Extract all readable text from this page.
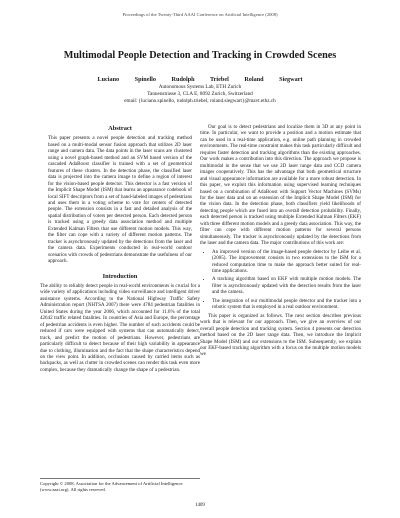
Proceedings of the Twenty-Third AAAI Conference on Artificial Intelligence (2008)
Multimodal People Detection and Tracking in Crowded Scenes
Luciano Spinello Rudolph Triebel Roland Siegwart
Autonomous Systems Lab, ETH Zurich
Tannenstrasse 3, CLA E, 8092 Zurich, Switzerland
email: {luciano.spinello, rudolph.triebel, roland.siegwart}@mavt.ethz.ch
Abstract

This paper presents a novel people detection and tracking method based on a multi-modal sensor fusion approach that utilizes 2D laser range and camera data. The data points in the laser scans are clustered using a novel graph-based method and an SVM based version of the cascaded AdaBoost classifier is trained with a set of geometrical features of these clusters. In the detection phase, the classified laser data is projected into the camera image to define a region of interest for the vision-based people detector. This detector is a fast version of the Implicit Shape Model (ISM) that learns an appearance codebook of local SIFT descriptors from a set of hand-labeled images of pedestrians and uses them in a voting scheme to vote for centers of detected people. The extension consists in a fast and detailed analysis of the spatial distribution of voters per detected person. Each detected person is tracked using a greedy data association method and multiple Extended Kalman Filters that use different motion models. This way, the filter can cope with a variety of different motion patterns. The tracker is asynchronously updated by the detections from the laser and the camera data. Experiments conducted in real-world outdoor scenarios with crowds of pedestrians demonstrate the usefulness of our approach.

Introduction

The ability to reliably detect people in real-world environments is crucial for a wide variety of applications including video surveillance and intelligent driver assistance systems. According to the National Highway Traffic Safety Administration report (NHTSA 2007) there were 4784 pedestrian fatalities in United States during the year 2006, which accounted for 11.6% of the total 42642 traffic related fatalities. In countries of Asia and Europe, the percentage of pedestrian accidents is even higher. The number of such accidents could be reduced if cars were equipped with systems that can automatically detect, track, and predict the motion of pedestrians. However, pedestrians are particularly difficult to detect because of their high variability in appearance due to clothing, illumination and the fact that the shape characteristics depend on the view point. In addition, occlusions caused by carried items such as backpacks, as well as clutter in crowded scenes can render this task even more complex, because they dramatically change the shape of a pedestrian.

Our goal is to detect pedestrians and localize them in 3D at any point in time. In particular, we want to provide a position and a motion estimate that can be used in a real-time application, e.g. online path planning in crowded environments. The real-time constraint makes this task particularly difficult and requires faster detection and tracking algorithms than the existing approaches. Our work makes a contribution into this direction. The approach we propose is multimodal in the sense that we use 2D laser range data and CCD camera images cooperatively. This has the advantage that both geometrical structure and visual appearance information are available for a more robust detection. In this paper, we exploit this information using supervised learning techniques based on a combination of AdaBoost with Support Vector Machines (SVMs) for the laser data and on an extension of the Implicit Shape Model (ISM) for the vision data. In the detection phase, both classifiers yield likelihoods of detecting people which are fused into an overall detection probability. Finally, each detected person is tracked using multiple Extended Kalman Filters (EKF) with three different motion models and a greedy data association. This way, the filter can cope with different motion patterns for several persons simultaneously. The tracker is asynchronously updated by the detections from the laser and the camera data. The major contributions of this work are:

• An improved version of the image-based people detector by Leibe et al. (2005). The improvement consists in two extensions to the ISM for a reduced computation time to make the approach better suited for real-time applications.
• A tracking algorithm based on EKF with multiple motion models. The filter is asynchronously updated with the detection results from the laser and the camera.
• The integration of our multimodal people detector and the tracker into a robotic system that is employed in a real outdoor environment.

This paper is organized as follows. The next section describes previous work that is relevant for our approach. Then, we give an overview of our overall people detection and tracking system. Section 4 presents our detection method based on the 2D laser range data. Then, we introduce the Implicit Shape Model (ISM) and our extensions to the ISM. Subsequently, we explain our EKF-based tracking algorithm with a focus on the multiple motion models we

Copyright © 2008, Association for the Advancement of Artificial Intelligence (www.aaai.org). All rights reserved.
1409
